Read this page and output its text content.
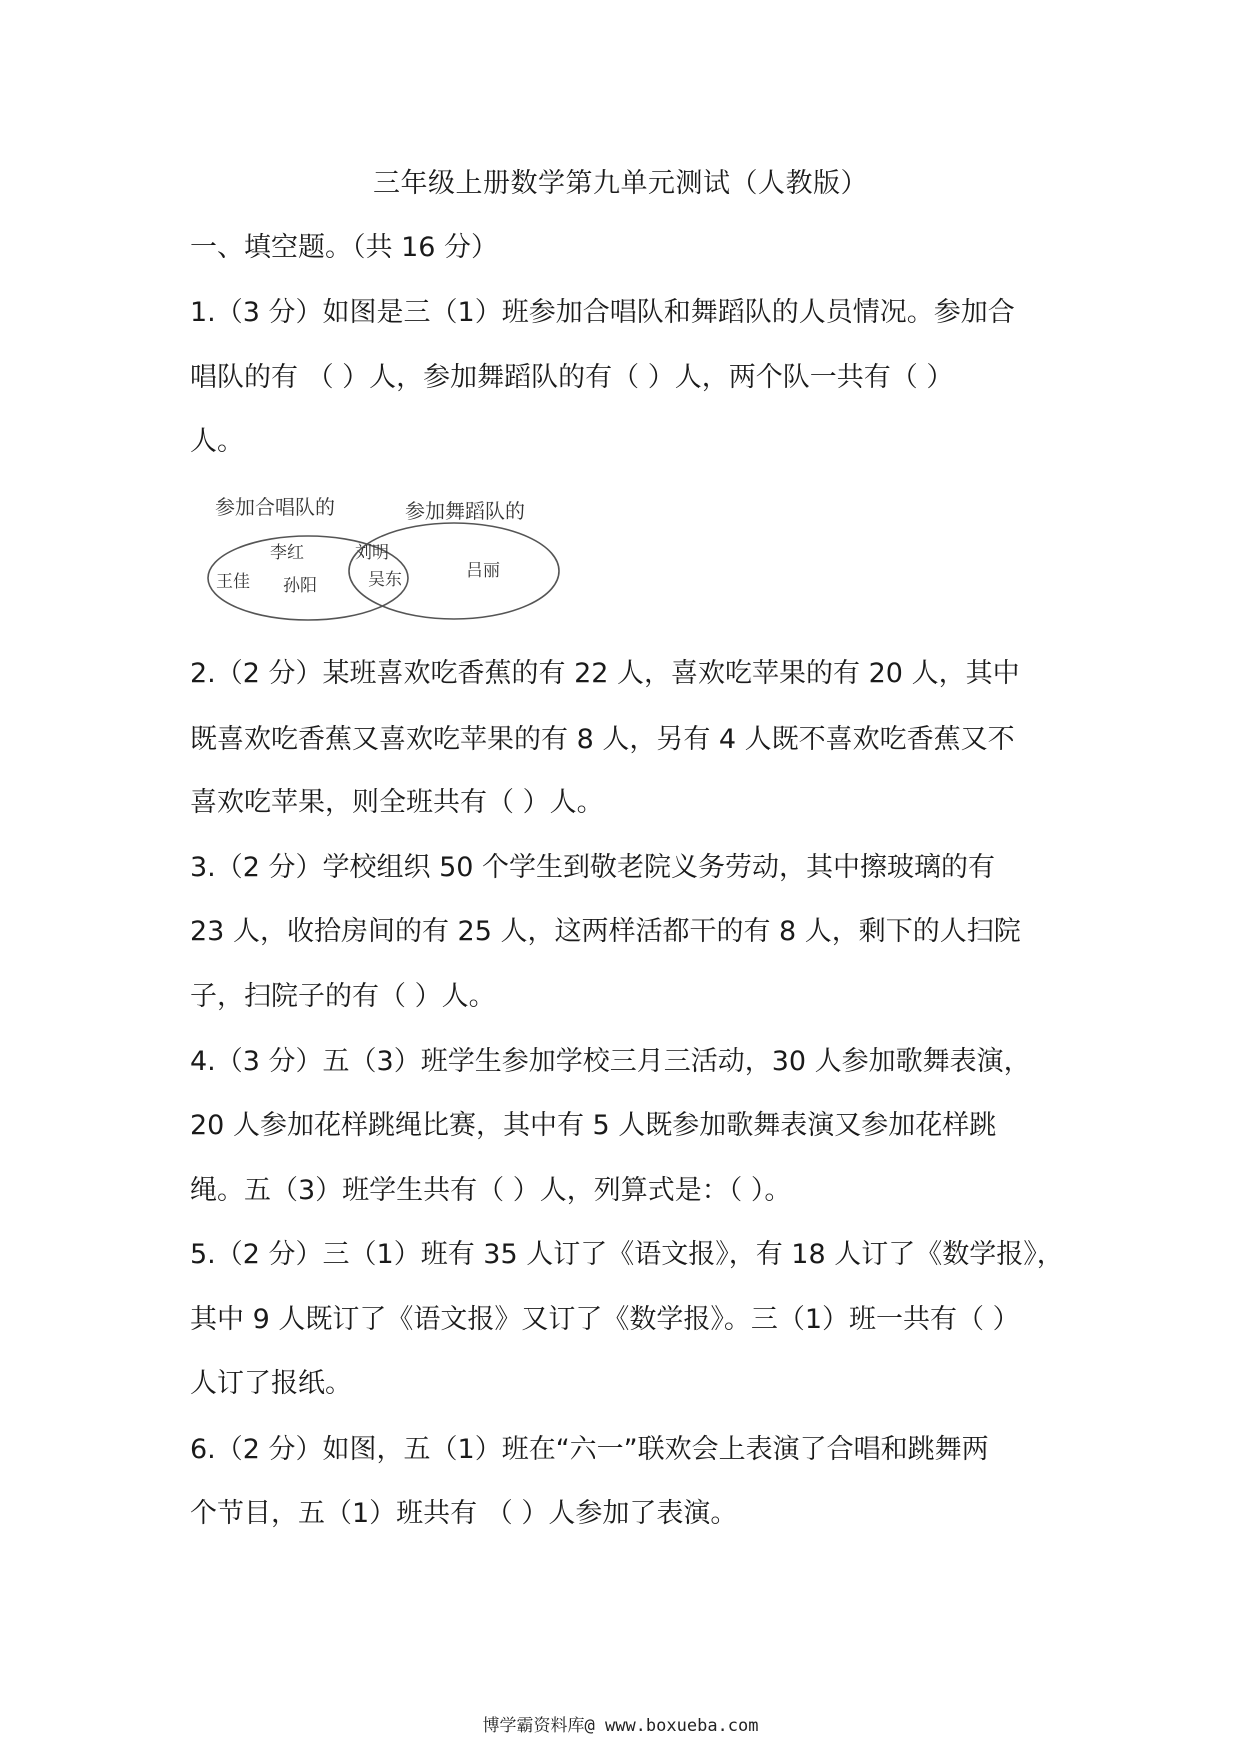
三年级上册数学第九单元测试（人教版）
一、填空题。（共 16 分）
1.（3 分）如图是三（1）班参加合唱队和舞蹈队的人员情况。参加合
唱队的有 （ ）人，参加舞蹈队的有（ ）人，两个队一共有（ ）
人。
参加合唱队的	参加舞蹈队的
李红
王佳 孙阳
刘明
吴东	吕丽
2.（2 分）某班喜欢吃香蕉的有 22 人，喜欢吃苹果的有 20 人，其中
既喜欢吃香蕉又喜欢吃苹果的有 8 人，另有 4 人既不喜欢吃香蕉又不
喜欢吃苹果，则全班共有（ ）人。
3.（2 分）学校组织 50 个学生到敬老院义务劳动，其中擦玻璃的有
23 人，收拾房间的有 25 人，这两样活都干的有 8 人，剩下的人扫院
子，扫院子的有（ ）人。
4.（3 分）五（3）班学生参加学校三月三活动，30 人参加歌舞表演，
20 人参加花样跳绳比赛，其中有 5 人既参加歌舞表演又参加花样跳
绳。五（3）班学生共有（ ）人，列算式是：（ ）。
5.（2 分）三（1）班有 35 人订了《语文报》，有 18 人订了《数学报》，
其中 9 人既订了《语文报》又订了《数学报》。三（1）班一共有（ ）
人订了报纸。
6.（2 分）如图，五（1）班在“六一”联欢会上表演了合唱和跳舞两
个节目，五（1）班共有 （ ）人参加了表演。
博学霸资料库@ www.boxueba.com
